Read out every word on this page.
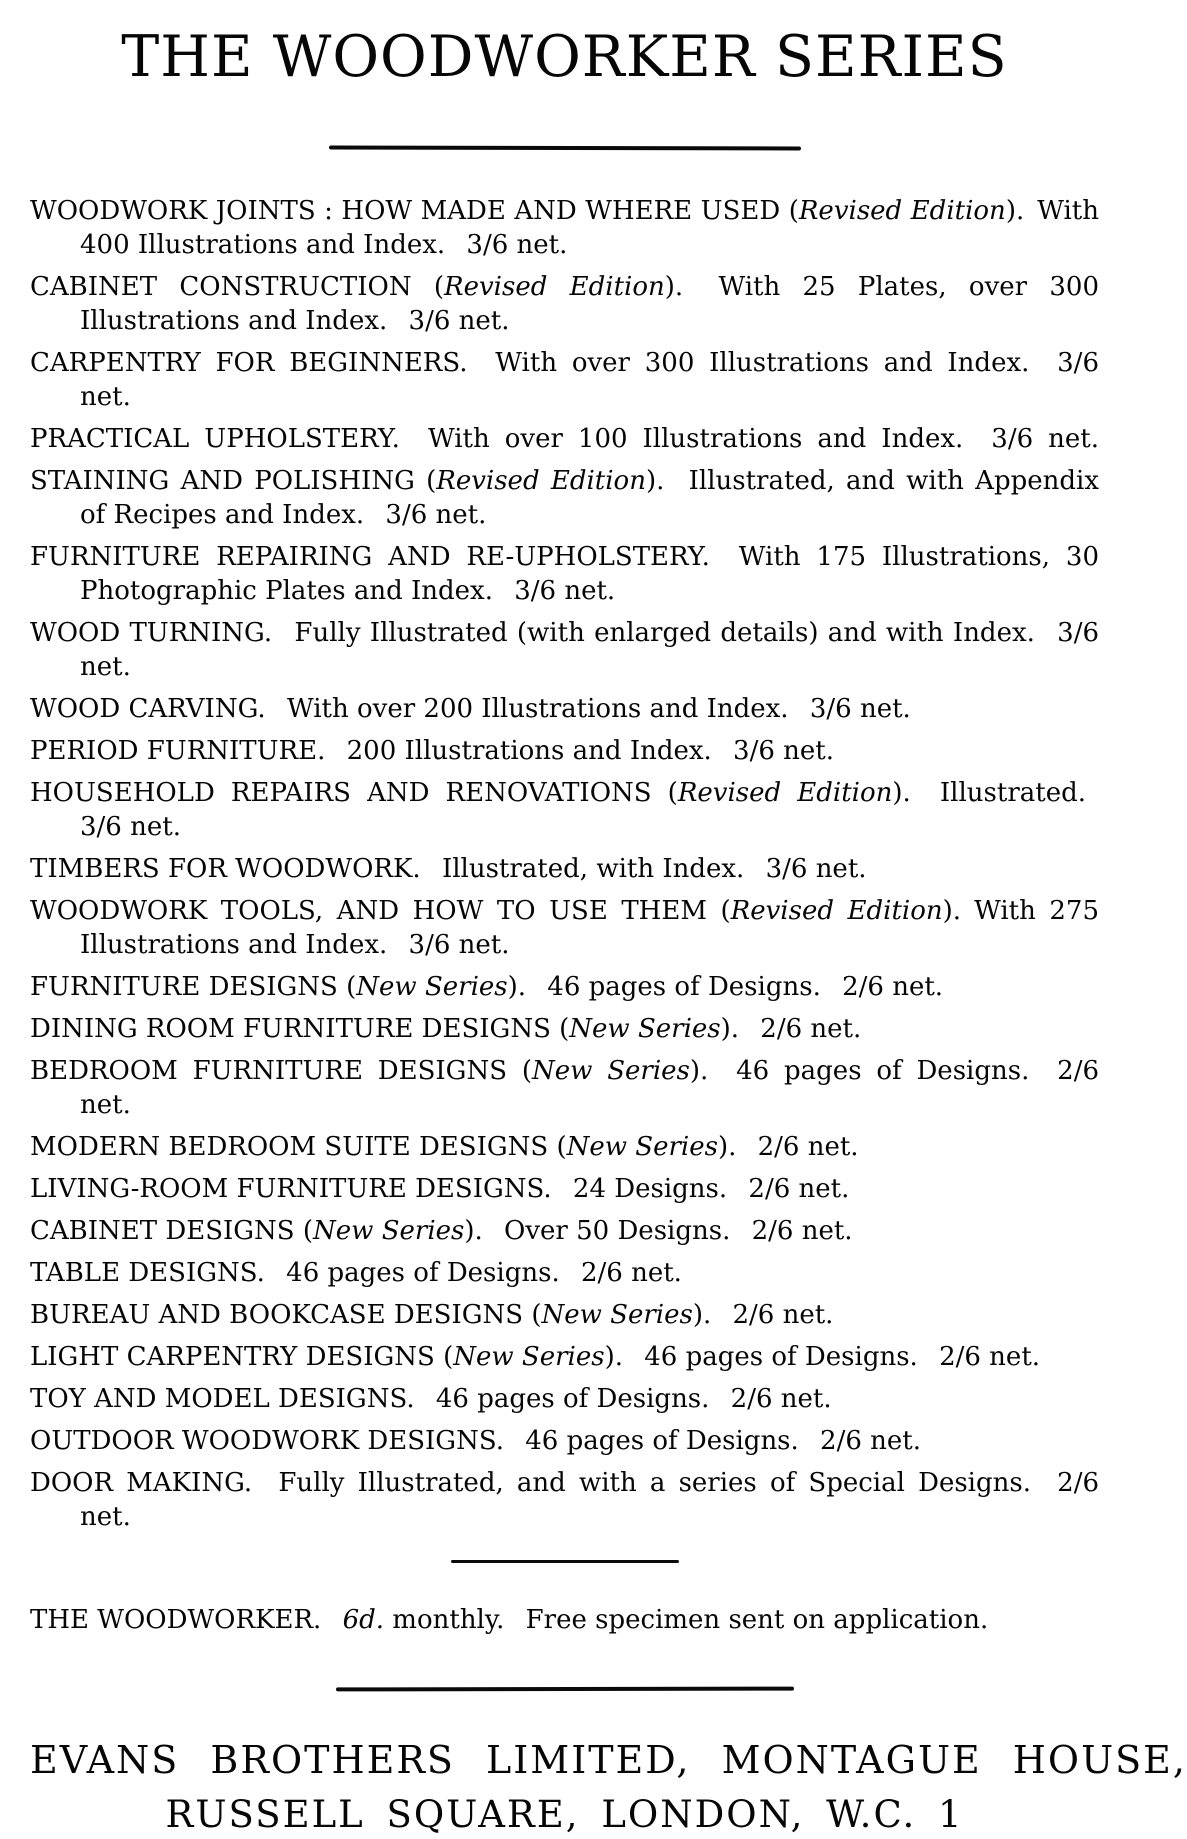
THE WOODWORKER SERIES

WOODWORK JOINTS : HOW MADE AND WHERE USED (Revised Edition). With 400 Illustrations and Index.  3/6 net.

CABINET CONSTRUCTION (Revised Edition).  With 25 Plates, over 300 Illustrations and Index.  3/6 net.

CARPENTRY FOR BEGINNERS.  With over 300 Illustrations and Index.  3/6 net.

PRACTICAL UPHOLSTERY.  With over 100 Illustrations and Index.  3/6 net.

STAINING AND POLISHING (Revised Edition).  Illustrated, and with Appendix of Recipes and Index.  3/6 net.

FURNITURE REPAIRING AND RE-UPHOLSTERY.  With 175 Illustrations, 30 Photographic Plates and Index.  3/6 net.

WOOD TURNING.  Fully Illustrated (with enlarged details) and with Index.  3/6 net.

WOOD CARVING.  With over 200 Illustrations and Index.  3/6 net.

PERIOD FURNITURE.  200 Illustrations and Index.  3/6 net.

HOUSEHOLD REPAIRS AND RENOVATIONS (Revised Edition).  Illustrated.  3/6 net.

TIMBERS FOR WOODWORK.  Illustrated, with Index.  3/6 net.

WOODWORK TOOLS, AND HOW TO USE THEM (Revised Edition). With 275 Illustrations and Index.  3/6 net.

FURNITURE DESIGNS (New Series).  46 pages of Designs.  2/6 net.

DINING ROOM FURNITURE DESIGNS (New Series).  2/6 net.

BEDROOM FURNITURE DESIGNS (New Series).  46 pages of Designs.  2/6 net.

MODERN BEDROOM SUITE DESIGNS (New Series).  2/6 net.

LIVING-ROOM FURNITURE DESIGNS.  24 Designs.  2/6 net.

CABINET DESIGNS (New Series).  Over 50 Designs.  2/6 net.

TABLE DESIGNS.  46 pages of Designs.  2/6 net.

BUREAU AND BOOKCASE DESIGNS (New Series).  2/6 net.

LIGHT CARPENTRY DESIGNS (New Series).  46 pages of Designs.  2/6 net.

TOY AND MODEL DESIGNS.  46 pages of Designs.  2/6 net.

OUTDOOR WOODWORK DESIGNS.  46 pages of Designs.  2/6 net.

DOOR MAKING.  Fully Illustrated, and with a series of Special Designs.  2/6 net.

THE WOODWORKER.  6d. monthly.  Free specimen sent on application.

EVANS BROTHERS LIMITED, MONTAGUE HOUSE,
RUSSELL SQUARE, LONDON, W.C. 1
